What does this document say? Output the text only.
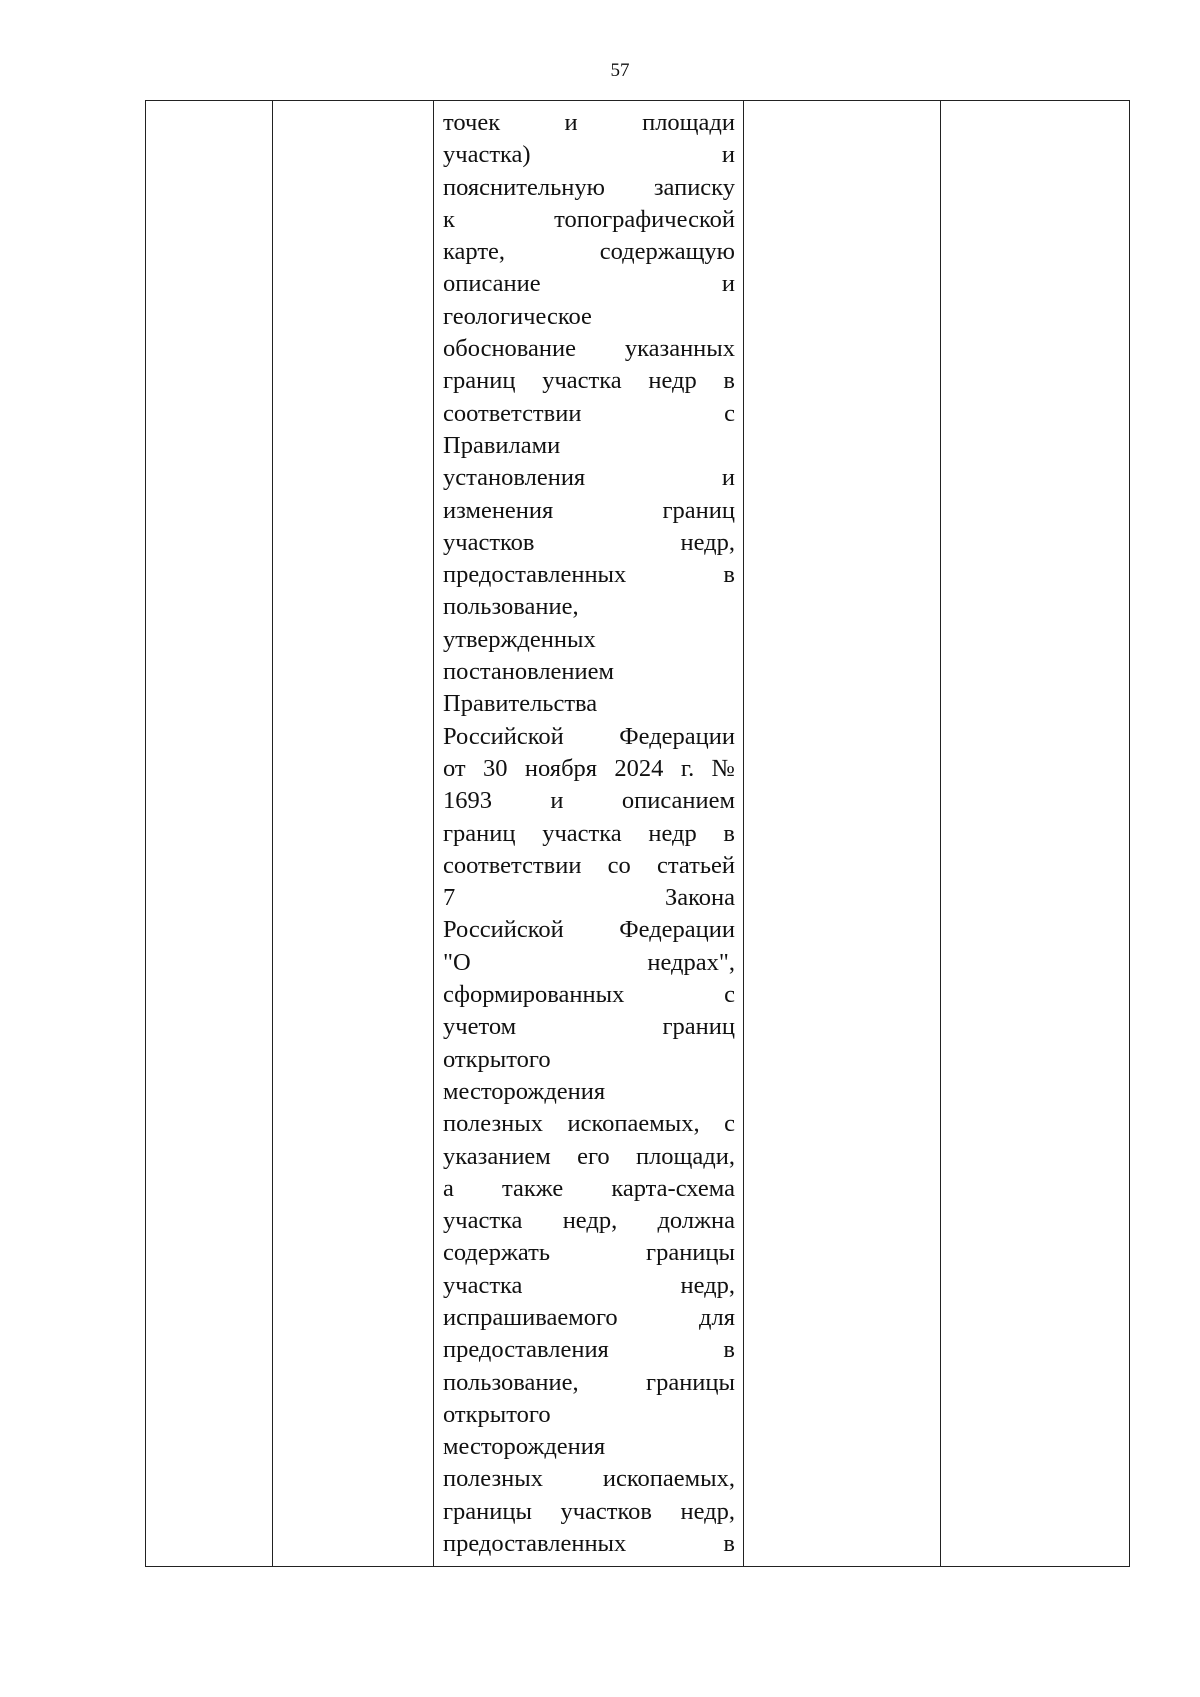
57
точек и площади
участка) и
пояснительную записку
к топографической
карте, содержащую
описание и
геологическое
обоснование указанных
границ участка недр в
соответствии с
Правилами
установления и
изменения границ
участков недр,
предоставленных в
пользование,
утвержденных
постановлением
Правительства
Российской Федерации
от 30 ноября 2024 г. №
1693 и описанием
границ участка недр в
соответствии со статьей
7 Закона
Российской Федерации
"О недрах",
сформированных с
учетом границ
открытого
месторождения
полезных ископаемых, с
указанием его площади,
а также карта-схема
участка недр, должна
содержать границы
участка недр,
испрашиваемого для
предоставления в
пользование, границы
открытого
месторождения
полезных ископаемых,
границы участков недр,
предоставленных в
